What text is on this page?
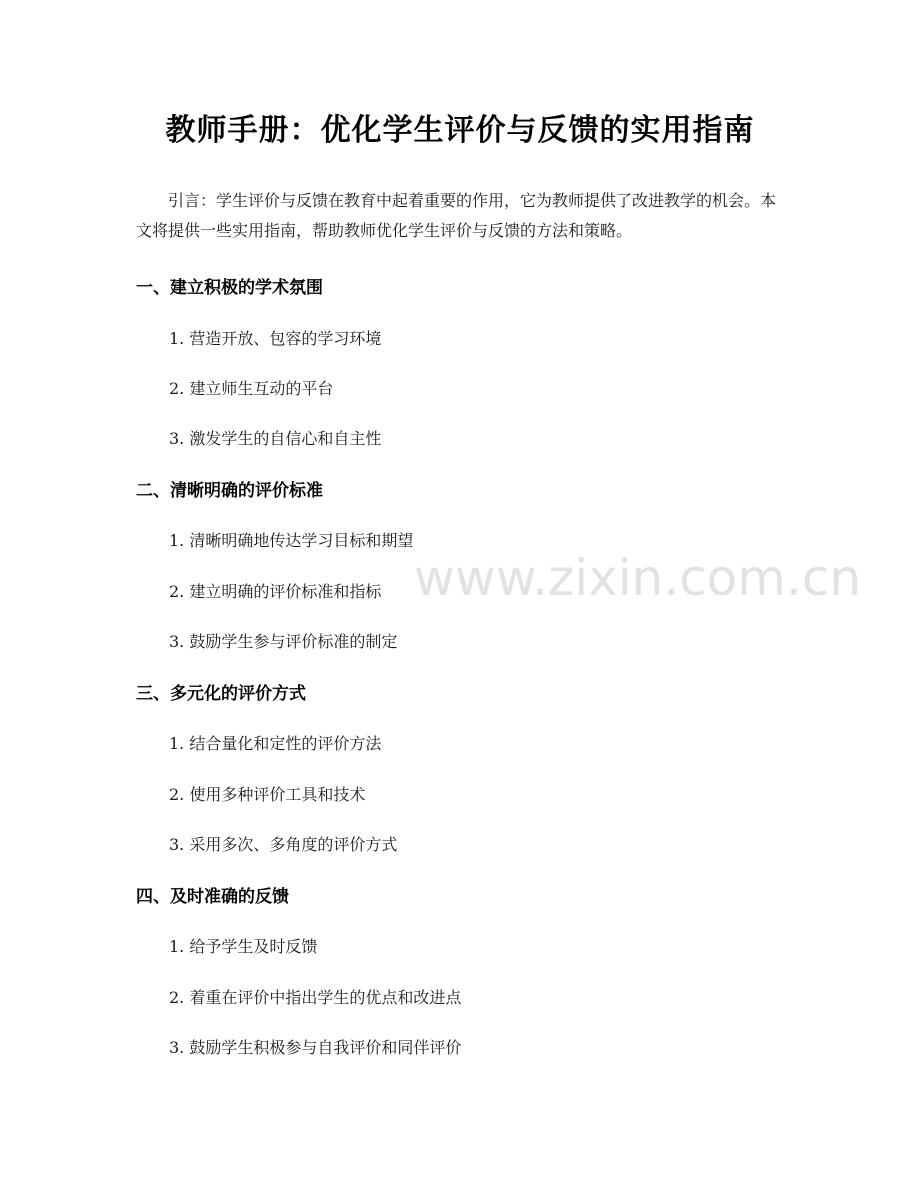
教师手册：优化学生评价与反馈的实用指南
引言：学生评价与反馈在教育中起着重要的作用，它为教师提供了改进教学的机会。本文将提供一些实用指南，帮助教师优化学生评价与反馈的方法和策略。
一、建立积极的学术氛围
1. 营造开放、包容的学习环境
2. 建立师生互动的平台
3. 激发学生的自信心和自主性
二、清晰明确的评价标准
1. 清晰明确地传达学习目标和期望
2. 建立明确的评价标准和指标
3. 鼓励学生参与评价标准的制定
三、多元化的评价方式
1. 结合量化和定性的评价方法
2. 使用多种评价工具和技术
3. 采用多次、多角度的评价方式
四、及时准确的反馈
1. 给予学生及时反馈
2. 着重在评价中指出学生的优点和改进点
3. 鼓励学生积极参与自我评价和同伴评价
www.zixin.com.cn
